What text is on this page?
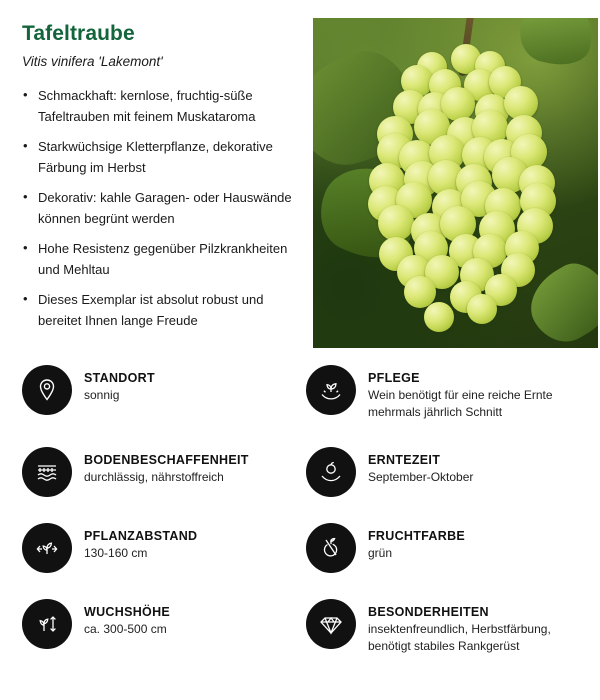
Tafeltraube
Vitis vinifera 'Lakemont'
• Schmackhaft: kernlose, fruchtig-süße Tafeltrauben mit feinem Muskataroma
• Starkwüchsige Kletterpflanze, dekorative Färbung im Herbst
• Dekorativ: kahle Garagen- oder Hauswände können begrünt werden
• Hohe Resistenz gegenüber Pilzkrankheiten und Mehltau
• Dieses Exemplar ist absolut robust und bereitet Ihnen lange Freude
STANDORT
sonnig
PFLEGE
Wein benötigt für eine reiche Ernte mehrmals jährlich Schnitt
BODENBESCHAFFENHEIT
durchlässig, nährstoffreich
ERNTEZEIT
September-Oktober
PFLANZABSTAND
130-160 cm
FRUCHTFARBE
grün
WUCHSHÖHE
ca. 300-500 cm
BESONDERHEITEN
insektenfreundlich, Herbstfärbung, benötigt stabiles Rankgerüst
